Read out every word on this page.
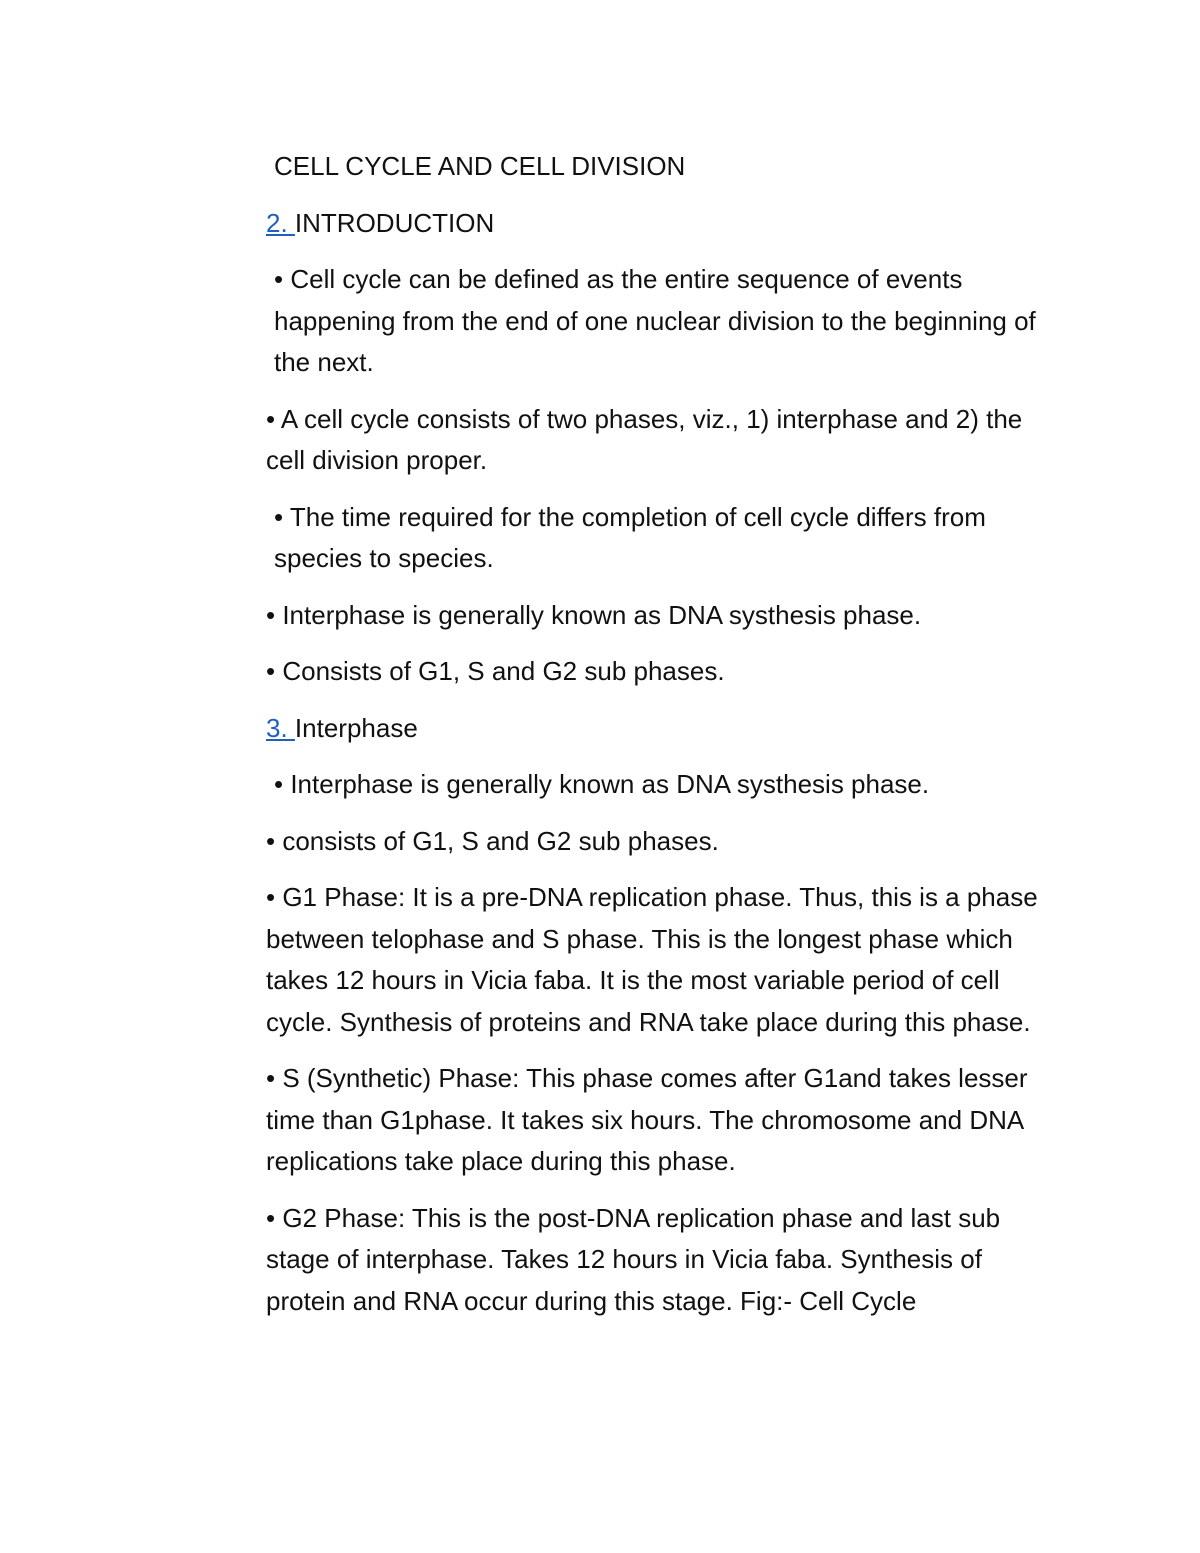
CELL CYCLE AND CELL DIVISION

2. INTRODUCTION

• Cell cycle can be defined as the entire sequence of events happening from the end of one nuclear division to the beginning of the next.

• A cell cycle consists of two phases, viz., 1) interphase and 2) the cell division proper.

• The time required for the completion of cell cycle differs from species to species.

• Interphase is generally known as DNA systhesis phase.

• Consists of G1, S and G2 sub phases.

3. Interphase

• Interphase is generally known as DNA systhesis phase.

• consists of G1, S and G2 sub phases.

• G1 Phase: It is a pre-DNA replication phase. Thus, this is a phase between telophase and S phase. This is the longest phase which takes 12 hours in Vicia faba. It is the most variable period of cell cycle. Synthesis of proteins and RNA take place during this phase.

• S (Synthetic) Phase: This phase comes after G1and takes lesser time than G1phase. It takes six hours. The chromosome and DNA replications take place during this phase.

• G2 Phase: This is the post-DNA replication phase and last sub stage of interphase. Takes 12 hours in Vicia faba. Synthesis of protein and RNA occur during this stage. Fig:- Cell Cycle
